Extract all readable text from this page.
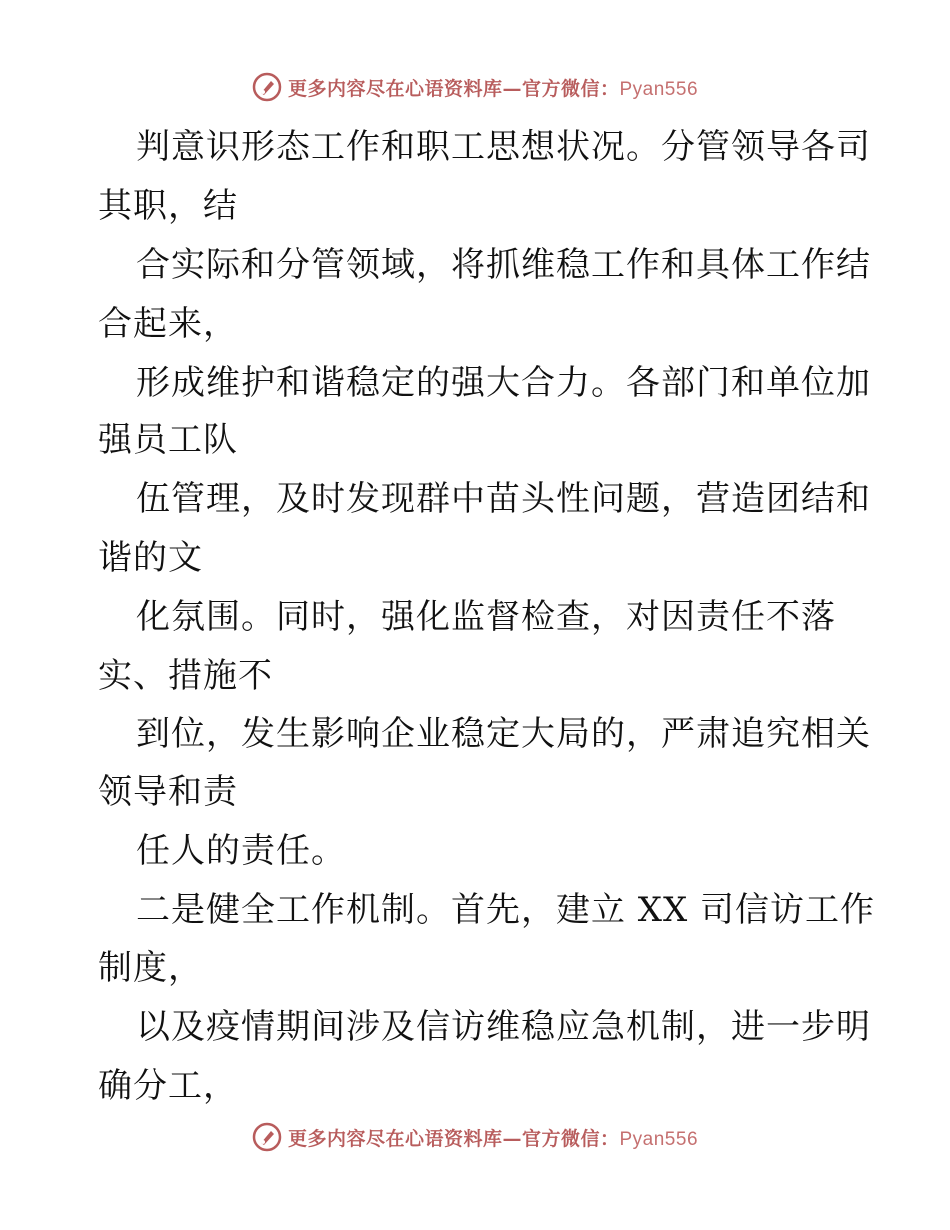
更多内容尽在心语资料库—官方微信：Pyan556
判意识形态工作和职工思想状况。分管领导各司
其职，结
合实际和分管领域，将抓维稳工作和具体工作结
合起来，
形成维护和谐稳定的强大合力。各部门和单位加
强员工队
伍管理，及时发现群中苗头性问题，营造团结和
谐的文
化氛围。同时，强化监督检查，对因责任不落
实、措施不
到位，发生影响企业稳定大局的，严肃追究相关
领导和责
任人的责任。
二是健全工作机制。首先，建立 XX 司信访工作
制度，
以及疫情期间涉及信访维稳应急机制，进一步明
确分工，
更多内容尽在心语资料库—官方微信：Pyan556
